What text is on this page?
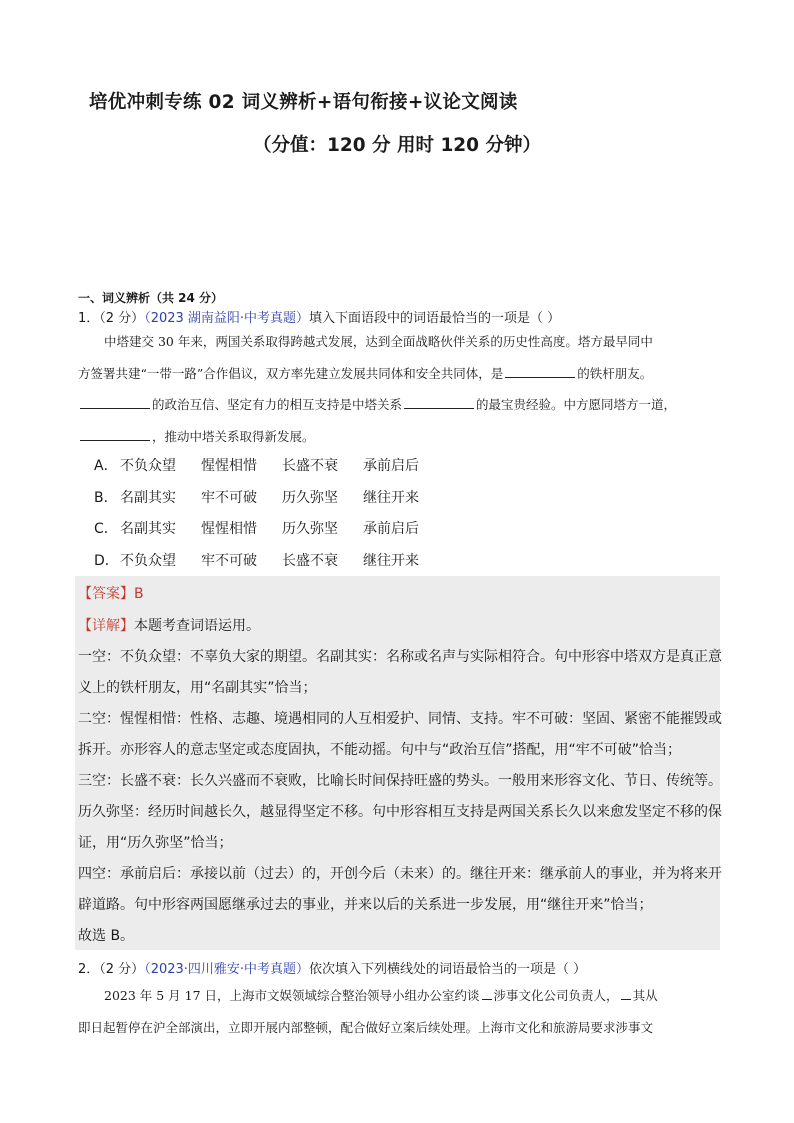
培优冲刺专练 02 词义辨析+语句衔接+议论文阅读
（分值：120 分 用时 120 分钟）
一、词义辨析（共 24 分）
1．（2 分）（2023 湖南益阳·中考真题）填入下面语段中的词语最恰当的一项是（ ）
中塔建交 30 年来，两国关系取得跨越式发展，达到全面战略伙伴关系的历史性高度。塔方最早同中
方签署共建“一带一路”合作倡议，双方率先建立发展共同体和安全共同体，是	的铁杆朋友。
的政治互信、坚定有力的相互支持是中塔关系	的最宝贵经验。中方愿同塔方一道，
，推动中塔关系取得新发展。
A． 不负众望 惺惺相惜 长盛不衰 承前启后
B． 名副其实 牢不可破 历久弥坚 继往开来
C． 名副其实 惺惺相惜 历久弥坚 承前启后
D．不负众望 牢不可破 长盛不衰 继往开来
【答案】B
【详解】本题考查词语运用。
一空：不负众望：不辜负大家的期望。名副其实：名称或名声与实际相符合。句中形容中塔双方是真正意
义上的铁杆朋友，用“名副其实”恰当；
二空：惺惺相惜：性格、志趣、境遇相同的人互相爱护、同情、支持。牢不可破：坚固、紧密不能摧毁或
拆开。亦形容人的意志坚定或态度固执，不能动摇。句中与“政治互信”搭配，用“牢不可破”恰当；
三空：长盛不衰：长久兴盛而不衰败，比喻长时间保持旺盛的势头。一般用来形容文化、节日、传统等。
历久弥坚：经历时间越长久，越显得坚定不移。句中形容相互支持是两国关系长久以来愈发坚定不移的保
证，用“历久弥坚”恰当；
四空：承前启后：承接以前（过去）的，开创今后（未来）的。继往开来：继承前人的事业，并为将来开
辟道路。句中形容两国愿继承过去的事业，并来以后的关系进一步发展，用“继往开来”恰当；
故选 B。
2．（2 分）（2023·四川雅安·中考真题）依次填入下列横线处的词语最恰当的一项是（ ）
2023 年 5 月 17 日，上海市文娱领域综合整治领导小组办公室约谈 涉事文化公司负责人， 其从
即日起暂停在沪全部演出，立即开展内部整顿，配合做好立案后续处理。上海市文化和旅游局要求涉事文
